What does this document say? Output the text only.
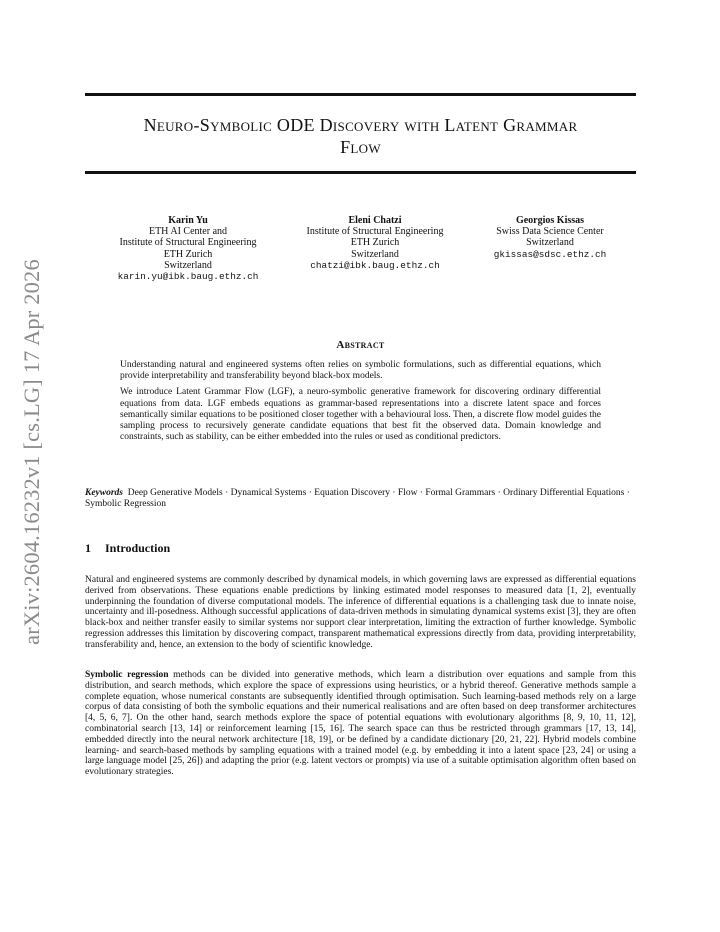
arXiv:2604.16232v1 [cs.LG] 17 Apr 2026
Neuro-Symbolic ODE Discovery with Latent Grammar
Flow
Karin Yu
ETH AI Center and
Institute of Structural Engineering
ETH Zurich
Switzerland
karin.yu@ibk.baug.ethz.ch
Eleni Chatzi
Institute of Structural Engineering
ETH Zurich
Switzerland
chatzi@ibk.baug.ethz.ch
Georgios Kissas
Swiss Data Science Center
Switzerland
gkissas@sdsc.ethz.ch
Abstract

Understanding natural and engineered systems often relies on symbolic formulations, such as differential equations, which provide interpretability and transferability beyond black-box models.

We introduce Latent Grammar Flow (LGF), a neuro-symbolic generative framework for discovering ordinary differential equations from data. LGF embeds equations as grammar-based representations into a discrete latent space and forces semantically similar equations to be positioned closer together with a behavioural loss. Then, a discrete flow model guides the sampling process to recursively generate candidate equations that best fit the observed data. Domain knowledge and constraints, such as stability, can be either embedded into the rules or used as conditional predictors.

Keywords Deep Generative Models · Dynamical Systems · Equation Discovery · Flow · Formal Grammars · Ordinary Differential Equations · Symbolic Regression
1 Introduction
Natural and engineered systems are commonly described by dynamical models, in which governing laws are expressed as differential equations derived from observations. These equations enable predictions by linking estimated model responses to measured data [1, 2], eventually underpinning the foundation of diverse computational models. The inference of differential equations is a challenging task due to innate noise, uncertainty and ill-posedness. Although successful applications of data-driven methods in simulating dynamical systems exist [3], they are often black-box and neither transfer easily to similar systems nor support clear interpretation, limiting the extraction of further knowledge. Symbolic regression addresses this limitation by discovering compact, transparent mathematical expressions directly from data, providing interpretability, transferability and, hence, an extension to the body of scientific knowledge.
Symbolic regression methods can be divided into generative methods, which learn a distribution over equations and sample from this distribution, and search methods, which explore the space of expressions using heuristics, or a hybrid thereof. Generative methods sample a complete equation, whose numerical constants are subsequently identified through optimisation. Such learning-based methods rely on a large corpus of data consisting of both the symbolic equations and their numerical realisations and are often based on deep transformer architectures [4, 5, 6, 7]. On the other hand, search methods explore the space of potential equations with evolutionary algorithms [8, 9, 10, 11, 12], combinatorial search [13, 14] or reinforcement learning [15, 16]. The search space can thus be restricted through grammars [17, 13, 14], embedded directly into the neural network architecture [18, 19], or be defined by a candidate dictionary [20, 21, 22]. Hybrid models combine learning- and search-based methods by sampling equations with a trained model (e.g. by embedding it into a latent space [23, 24] or using a large language model [25, 26]) and adapting the prior (e.g. latent vectors or prompts) via use of a suitable optimisation algorithm often based on evolutionary strategies.
